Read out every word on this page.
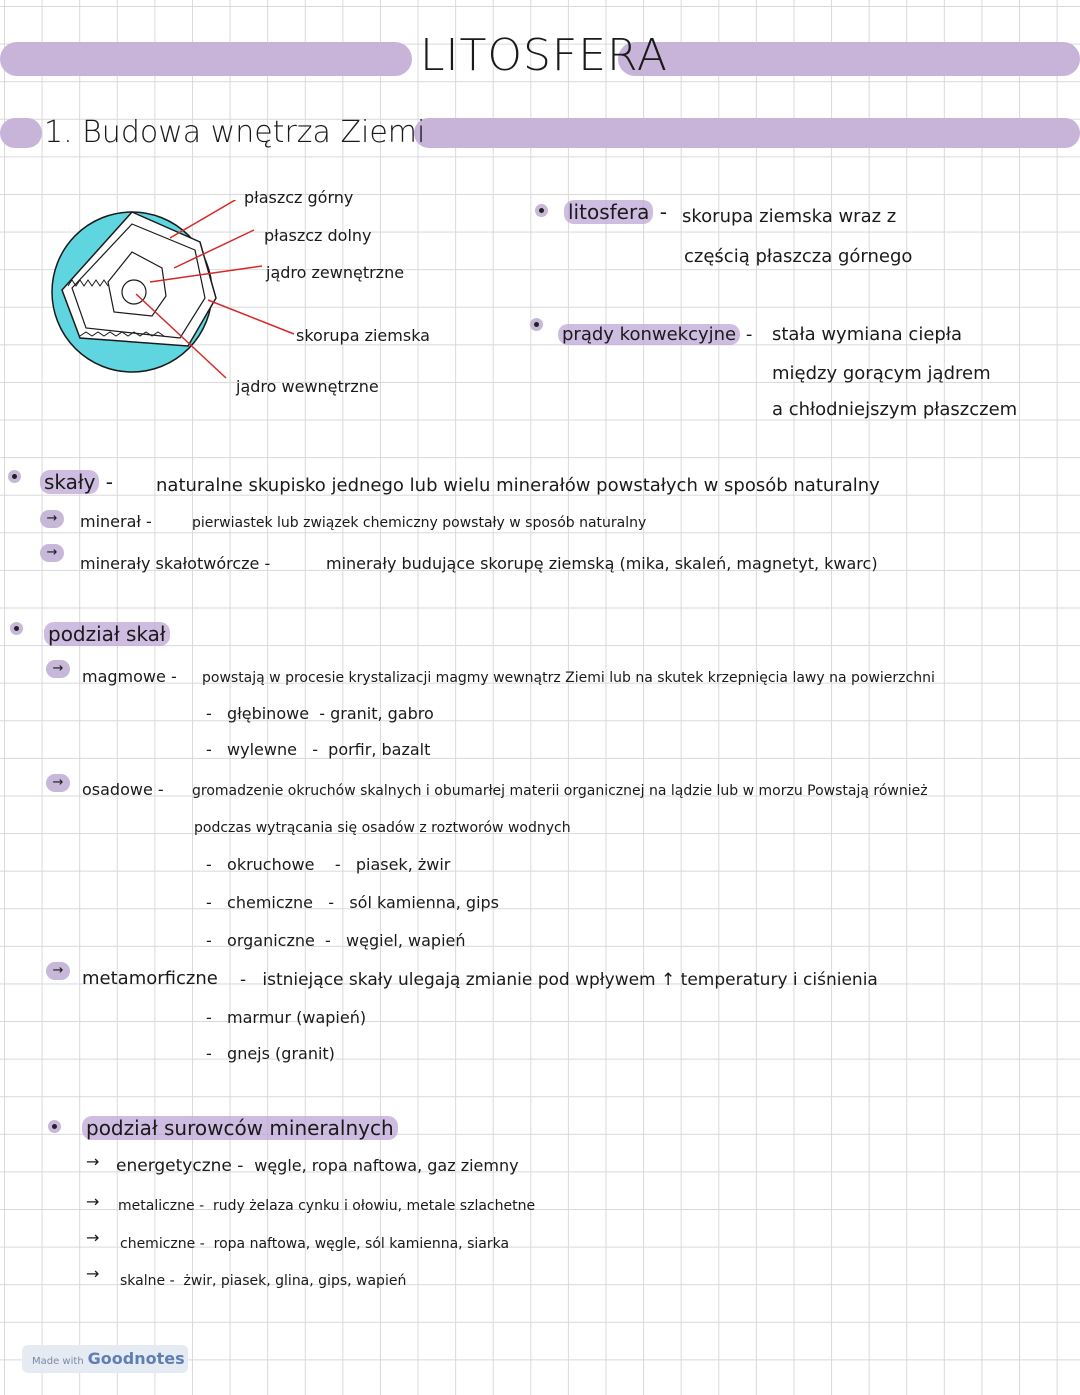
LITOSFERA
1. Budowa wnętrza Ziemi
płaszcz górny
płaszcz dolny
jądro zewnętrzne
skorupa ziemska
jądro wewnętrzne
litosfera - skorupa ziemska wraz z
częścią płaszcza górnego
prądy konwekcyjne - stała wymiana ciepła
między gorącym jądrem
a chłodniejszym płaszczem
skały - naturalne skupisko jednego lub wielu minerałów powstałych w sposób naturalny
→	minerał -	pierwiastek lub związek chemiczny powstały w sposób naturalny
→
minerały skałotwórcze -	minerały budujące skorupę ziemską (mika, skaleń, magnetyt, kwarc)
podział skał
→	magmowe - powstają w procesie krystalizacji magmy wewnątrz Ziemi lub na skutek krzepnięcia lawy na powierzchni
-   głębinowe  - granit, gabro
-   wylewne   -  porfir, bazalt
→	osadowe - gromadzenie okruchów skalnych i obumarłej materii organicznej na lądzie lub w morzu Powstają również
podczas wytrącania się osadów z roztworów wodnych
-   okruchowe    -   piasek, żwir
-   chemiczne   -   sól kamienna, gips
-   organiczne  -   węgiel, wapień
→	metamorficzne -   istniejące skały ulegają zmianie pod wpływem ↑ temperatury i ciśnienia
-   marmur (wapień)
-   gnejs (granit)
podział surowców mineralnych
→ energetyczne -  węgle, ropa naftowa, gaz ziemny
→ metaliczne -  rudy żelaza cynku i ołowiu, metale szlachetne
→ chemiczne -  ropa naftowa, węgle, sól kamienna, siarka
→ skalne -  żwir, piasek, glina, gips, wapień
Made with Goodnotes
